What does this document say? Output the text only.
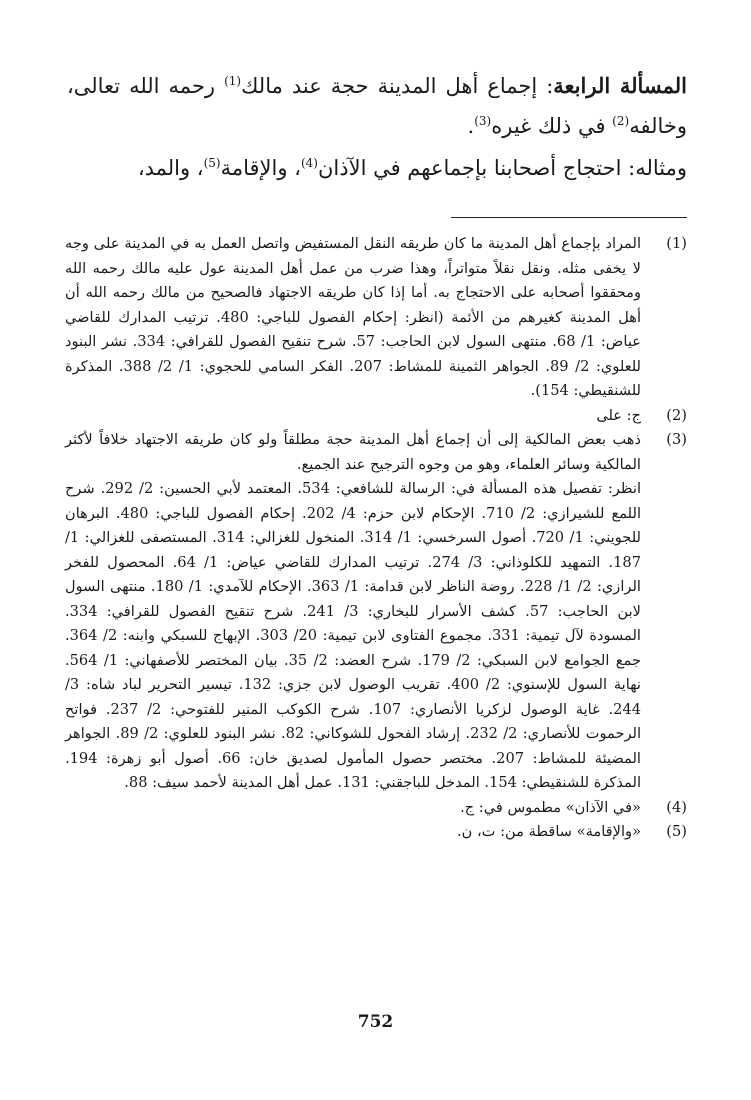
المسألة الرابعة: إجماع أهل المدينة حجة عند مالك$^{(1)}$ رحمه الله تعالى، وخالفه$^{(2)}$ في ذلك غيره$^{(3)}$.

ومثاله: احتجاج أصحابنا بإجماعهم في الآذان$^{(4)}$، والإقامة$^{(5)}$، والمد،

(1)

المراد بإجماع أهل المدينة ما كان طريقه النقل المستفيض واتصل العمل به في المدينة على وجه لا يخفى مثله. ونقل نقلاً متواتراً، وهذا ضرب من عمل أهل المدينة عول عليه مالك رحمه الله ومحققوا أصحابه على الاحتجاج به. أما إذا كان طريقه الاجتهاد فالصحيح من مالك رحمه الله أن أهل المدينة كغيرهم من الأئمة (انظر: إحكام الفصول للباجي: 480. ترتيب المدارك للقاضي عياض: 1/ 68. منتهى السول لابن الحاجب: 57. شرح تنقيح الفصول للقرافي: 334. نشر البنود للعلوي: 2/ 89. الجواهر الثمينة للمشاط: 207. الفكر السامي للحجوي: 1/ 2/ 388. المذكرة للشنقيطي: 154).

(2)

ج: على

(3)

ذهب بعض المالكية إلى أن إجماع أهل المدينة حجة مطلقاً ولو كان طريقه الاجتهاد خلافاً لأكثر المالكية وسائر العلماء، وهو من وجوه الترجيح عند الجميع.

انظر: تفصيل هذه المسألة في: الرسالة للشافعي: 534. المعتمد لأبي الحسين: 2/ 292. شرح اللمع للشيرازي: 2/ 710. الإحكام لابن حزم: 4/ 202. إحكام الفصول للباجي: 480. البرهان للجويني: 1/ 720. أصول السرخسي: 1/ 314. المنخول للغزالي: 314. المستصفى للغزالي: 1/ 187. التمهيد للكلوذاني: 3/ 274. ترتيب المدارك للقاضي عياض: 1/ 64. المحصول للفخر الرازي: 2/ 1/ 228. روضة الناظر لابن قدامة: 1/ 363. الإحكام للآمدي: 1/ 180. منتهى السول لابن الحاجب: 57. كشف الأسرار للبخاري: 3/ 241. شرح تنقيح الفصول للقرافي: 334. المسودة لآل تيمية: 331. مجموع الفتاوى لابن تيمية: 20/ 303. الإبهاج للسبكي وابنه: 2/ 364. جمع الجوامع لابن السبكي: 2/ 179. شرح العضد: 2/ 35. بيان المختصر للأصفهاني: 1/ 564. نهاية السول للإسنوي: 2/ 400. تقريب الوصول لابن جزي: 132. تيسير التحرير لباد شاه: 3/ 244. غاية الوصول لزكريا الأنصاري: 107. شرح الكوكب المنير للفتوحي: 2/ 237. فواتح الرحموت للأنصاري: 2/ 232. إرشاد الفحول للشوكاني: 82. نشر البنود للعلوي: 2/ 89. الجواهر المضيئة للمشاط: 207. مختصر حصول المأمول لصديق خان: 66. أصول أبو زهرة: 194. المذكرة للشنقيطي: 154. المدخل للباجقني: 131. عمل أهل المدينة لأحمد سيف: 88.

(4)

«في الآذان» مطموس في: ج.

(5)

«والإقامة» ساقطة من: ت، ن.

752
